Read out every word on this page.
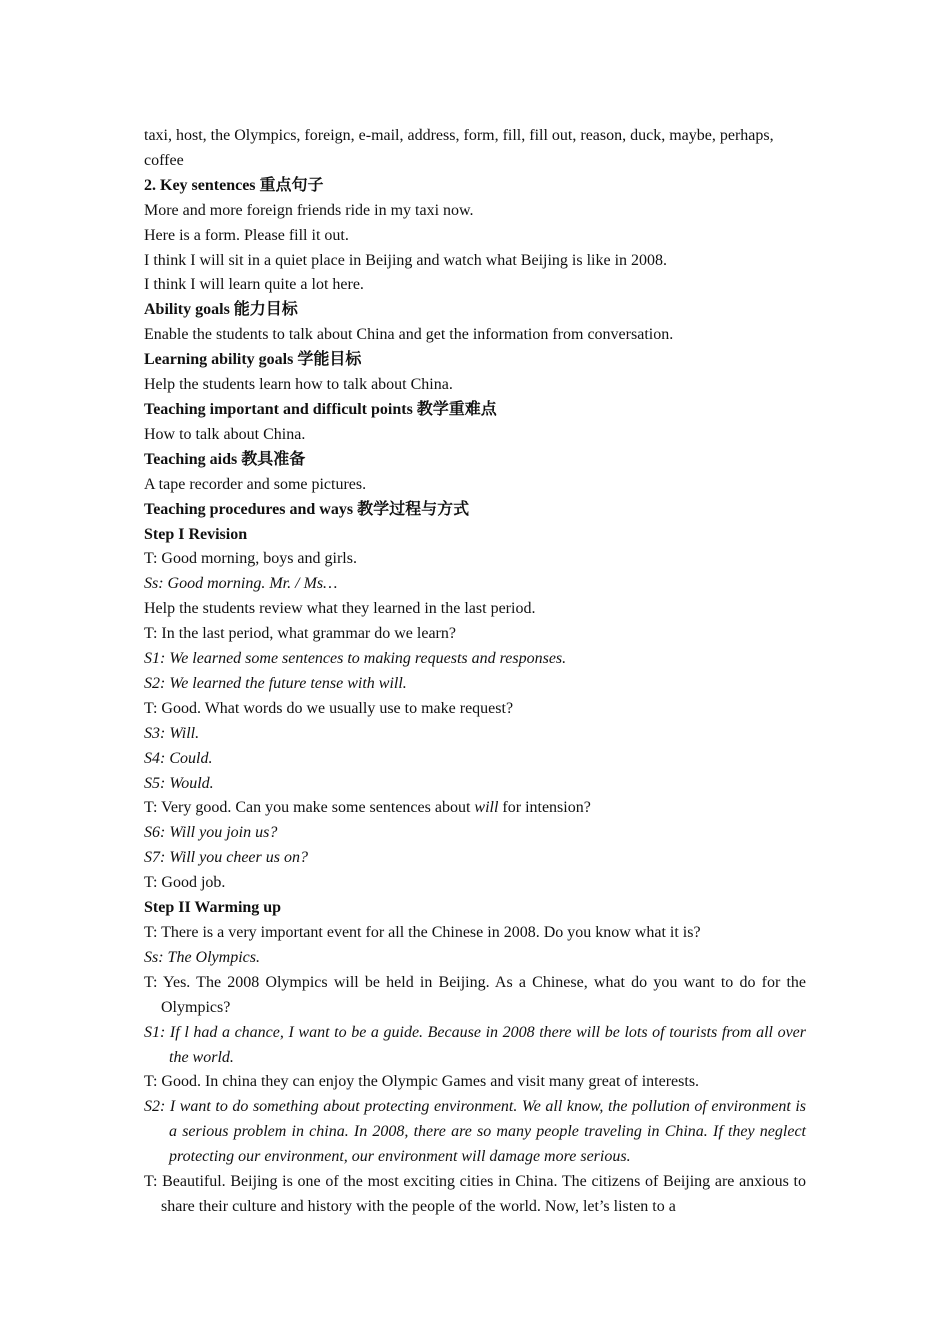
taxi, host, the Olympics, foreign, e-mail, address, form, fill, fill out, reason, duck, maybe, perhaps, coffee

2. Key sentences 重点句子

More and more foreign friends ride in my taxi now.

Here is a form. Please fill it out.

I think I will sit in a quiet place in Beijing and watch what Beijing is like in 2008.

I think I will learn quite a lot here.

Ability goals 能力目标

Enable the students to talk about China and get the information from conversation.

Learning ability goals 学能目标

Help the students learn how to talk about China.

Teaching important and difficult points 教学重难点

How to talk about China.

Teaching aids 教具准备

A tape recorder and some pictures.

Teaching procedures and ways 教学过程与方式

Step I Revision

T: Good morning, boys and girls.

Ss: Good morning. Mr. / Ms…

Help the students review what they learned in the last period.

T: In the last period, what grammar do we learn?

S1: We learned some sentences to making requests and responses.

S2: We learned the future tense with will.

T: Good. What words do we usually use to make request?

S3: Will.

S4: Could.

S5: Would.

T: Very good. Can you make some sentences about will for intension?

S6: Will you join us?

S7: Will you cheer us on?

T: Good job.

Step II Warming up

T: There is a very important event for all the Chinese in 2008. Do you know what it is?

Ss: The Olympics.

T: Yes. The 2008 Olympics will be held in Beijing. As a Chinese, what do you want to do for the Olympics?

S1: If l had a chance, I want to be a guide. Because in 2008 there will be lots of tourists from all over the world.

T: Good. In china they can enjoy the Olympic Games and visit many great of interests.

S2: I want to do something about protecting environment. We all know, the pollution of environment is a serious problem in china. In 2008, there are so many people traveling in China. If they neglect protecting our environment, our environment will damage more serious.

T: Beautiful. Beijing is one of the most exciting cities in China. The citizens of Beijing are anxious to share their culture and history with the people of the world. Now, let’s listen to a
